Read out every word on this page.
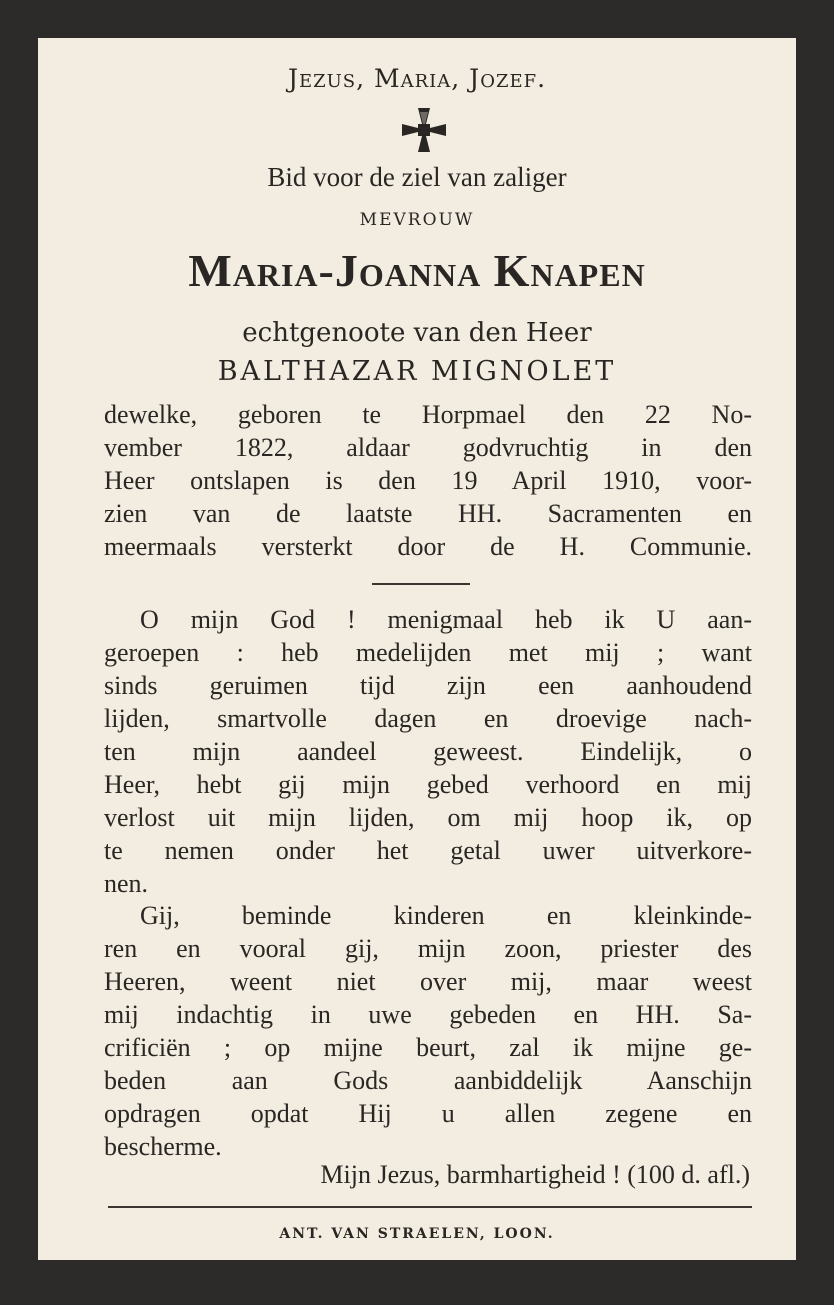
Jezus, Maria, Jozef.
Bid voor de ziel van zaliger
MEVROUW
Maria-Joanna Knapen
echtgenoote van den Heer
BALTHAZAR MIGNOLET
dewelke, geboren te Horpmael den 22 No-
vember 1822, aldaar godvruchtig in den
Heer ontslapen is den 19 April 1910, voor-
zien van de laatste HH. Sacramenten en
meermaals versterkt door de H. Communie.
O mijn God ! menigmaal heb ik U aan-
geroepen : heb medelijden met mij ; want
sinds geruimen tijd zijn een aanhoudend
lijden, smartvolle dagen en droevige nach-
ten mijn aandeel geweest. Eindelijk, o
Heer, hebt gij mijn gebed verhoord en mij
verlost uit mijn lijden, om mij hoop ik, op
te nemen onder het getal uwer uitverkore-
nen.
Gij, beminde kinderen en kleinkinde-
ren en vooral gij, mijn zoon, priester des
Heeren, weent niet over mij, maar weest
mij indachtig in uwe gebeden en HH. Sa-
crificiën ; op mijne beurt, zal ik mijne ge-
beden aan Gods aanbiddelijk Aanschijn
opdragen opdat Hij u allen zegene en
bescherme.
Mijn Jezus, barmhartigheid ! (100 d. afl.)
ANT. VAN STRAELEN, LOON.
